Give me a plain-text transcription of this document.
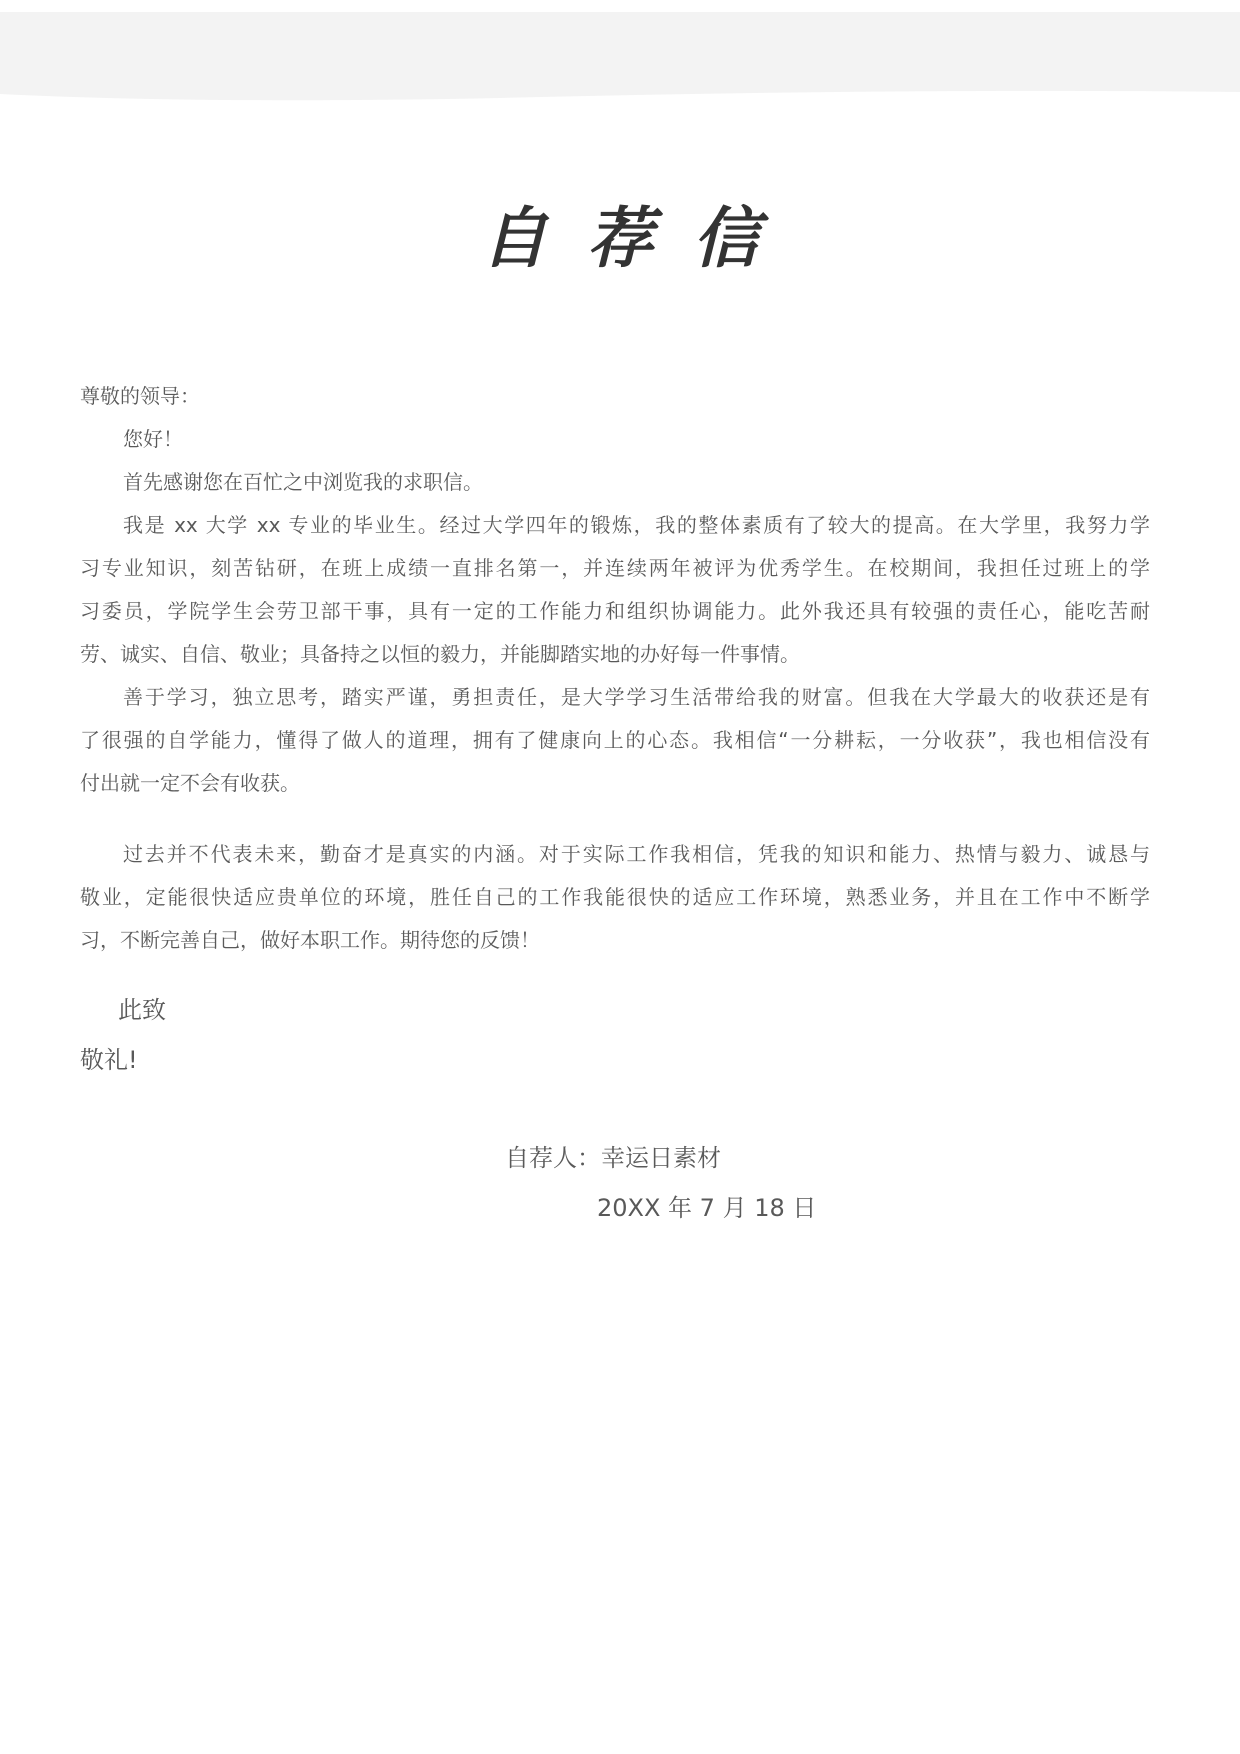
自荐信
尊敬的领导：
您好！
首先感谢您在百忙之中浏览我的求职信。
我是 xx 大学 xx 专业的毕业生。经过大学四年的锻炼，我的整体素质有了较大的提高。在大学里，我努力学
习专业知识，刻苦钻研，在班上成绩一直排名第一，并连续两年被评为优秀学生。在校期间，我担任过班上的学
习委员，学院学生会劳卫部干事，具有一定的工作能力和组织协调能力。此外我还具有较强的责任心，能吃苦耐
劳、诚实、自信、敬业；具备持之以恒的毅力，并能脚踏实地的办好每一件事情。
善于学习，独立思考，踏实严谨，勇担责任，是大学学习生活带给我的财富。但我在大学最大的收获还是有
了很强的自学能力，懂得了做人的道理，拥有了健康向上的心态。我相信“一分耕耘，一分收获”，我也相信没有
付出就一定不会有收获。
过去并不代表未来，勤奋才是真实的内涵。对于实际工作我相信，凭我的知识和能力、热情与毅力、诚恳与
敬业，定能很快适应贵单位的环境，胜任自己的工作我能很快的适应工作环境，熟悉业务，并且在工作中不断学
习，不断完善自己，做好本职工作。期待您的反馈！
此致
敬礼!
自荐人：幸运日素材
20XX 年 7 月 18 日
